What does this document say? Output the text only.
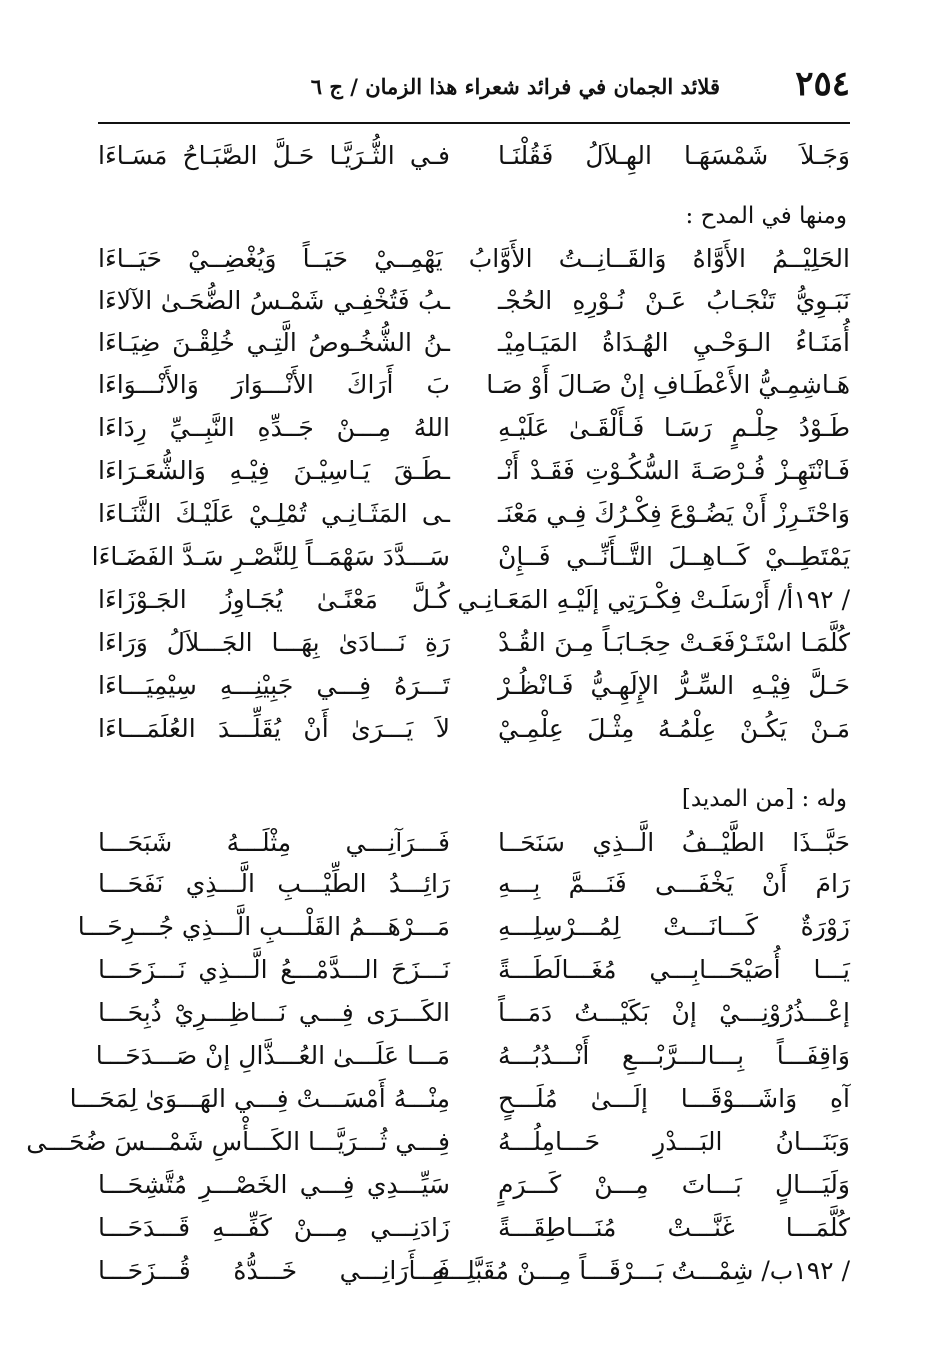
٢٥٤
قلائد الجمان في فرائد شعراء هذا الزمان / ج ٦
وَجَـلاَ شَمْسَهَـا الهِـلاَلُ فَقُلْنَـا
فـي الثُّـرَيَّـا حَـلَّ الصَّبَـاحُ مَسَـاءَا
ومنها في المدح :
الحَلِيْــمُ الأَوَّاهُ وَالقَــانِــتُ الأَوَّابُ يَهْمِــيْ حَيَــاً وَيُغْضِــيْ حَيَــاءَا
نَبَـوِيُّ تَنْجَـابُ عَـنْ نُـوْرِهِ الحُجْـ
ـبُ فَتُخْفِـي شَمْـسُ الضُّحَـىٰ الآلاءَا
أُمَنَـاءُ الـوَحْـيِ الهُـدَاةُ المَيَـامِيْـ
ـنُ الشُّخُـوصُ الَّتِـي خُلِقْـنَ ضِيَـاءَا
هَـاشِمِـيُّ الأَعْطَـافِ إنْ صَـالَ أَوْ صَـا
بَ أَرَاكَ الأَنْـــوَارَ وَالأَنْـــوَاءَا
طَـوْدُ حِلْـمٍ رَسَـا فَـأَلْقَـىٰ عَلَيْـهِ
اللهُ مِـــنْ جَــدِّهِ النَّبِــيِّ رِدَاءَا
فَـانْتَهِـزْ فُـرْصَـةَ السُّكُـوْتِ فَقَـدْ أَنْـ
ـطَـقَ يَـاسِيْـنَ فِيْـهِ وَالشُّعَـرَاءَا
وَاحْتَـرِزْ أَنْ يَضُـوْعَ فِكْـرُكَ فِـي مَعْنَـ
ـى المَثَـانِـي تُمْلِـيْ عَلَيْـكَ الثَّنَـاءَا
يَمْتَطِــيْ كَــاهِــلَ التَّــأَنِّــي فَــإِنْ
سَـــدَّدَ سَهْمَــاً لِلنَّصْـرِ سَـدَّ الفَضَـاءَا
/ ١٩٢أ/ أَرْسَلَـتْ فِكْـرَتِي إلَيْـهِ المَعَـانِـي
كُـلَّ مَعْنًـىٰ يُجَـاوِزُ الجَـوْزَاءَا
كُلَّمَـا اسْتَـرْفَعَـتْ حِجَـابَـاً مِـنَ القُـدْ
رَةِ نَـــادَىٰ بِهَـــا الجَـــلاَلُ وَرَاءَا
حَـلَّ فِيْـهِ السِّـرُّ الإِلَهِـيُّ فَـانْظُـرْ
تَـــرَهُ فِـــي جَبِيْنِـــهِ سِيْمِيَـــاءَا
مَـنْ يَكُـنْ عِلْمُـهُ مِثْـلَ عِلْمِـيْ
لاَ يَـــرَىٰ أَنْ يُقَلِّـــدَ العُلَمَـــاءَا
وله : [من المديد]
حَبَّــذَا الطَّيْــفُ الَّــذِي سَنَحَــا
فَـــرَآنِـــي مِثْلَـــهُ شَبَحَـــا
رَامَ أَنْ يَخْفَـــى فَنَـــمَّ بِـــهِ
رَائِـــدُ الطِّيْـــبِ الَّـــذِي نَفَحَـــا
زَوْرَةٌ كَـــانَـــتْ لِمُـــرْسِلِـــهِ
مَـــرْهَـــمُ القَلْـــبِ الَّـــذِي جُـــرِحَـــا
يَـــا أُصَيْحَـــابِـــي مُغَـــالَطَـــةً
نَـــزَحَ الـــدَّمْـــعُ الَّـــذِي نَـــزَحَـــا
إعْـــذُرُوْنِـــيْ إنْ بَكَيْـــتُ دَمَـــاً
الكَـــرَى فِـــي نَـــاظِـــرِيْ ذُبِحَـــا
وَاقِفَـــاً بِـــالـــرَّبْـــعِ أَنْـــدُبُـــهُ
مَـــا عَلَـــىٰ العُـــذَّالِ إنْ صَـــدَحَـــا
آهِ وَاشَـــوْقَـــا إلَـــىٰ مُلَـــحٍ
مِنْـــهُ أَمْسَـــتْ فِـــي الهَـــوَىٰ لِمَحَـــا
وَبَنَـــانُ البَـــدْرِ حَـــامِلُـــهُ
فِـــي ثُـــرَيَّـــا الكَـــأْسِ شَمْـــسَ ضُحَـــى
وَلَيَـــالٍ بَـــاتَ مِـــنْ كَـــرَمٍ
سَيِّـــدِي فِـــي الخَصْـــرِ مُتَّشِحَـــا
كُلَّمَـــا غَنَّـــتْ مُنَـــاطِقَـــةً
زَادَنِـــي مِـــنْ كَفِّـــهِ قَـــدَحَـــا
/ ١٩٢ب/ شِمْـــتُ بَـــرْقَـــاً مِـــنْ مُقَبَّلِـــهِ
فَـــأَرَانِـــي خَـــدُّهُ قُـــزَحَـــا
